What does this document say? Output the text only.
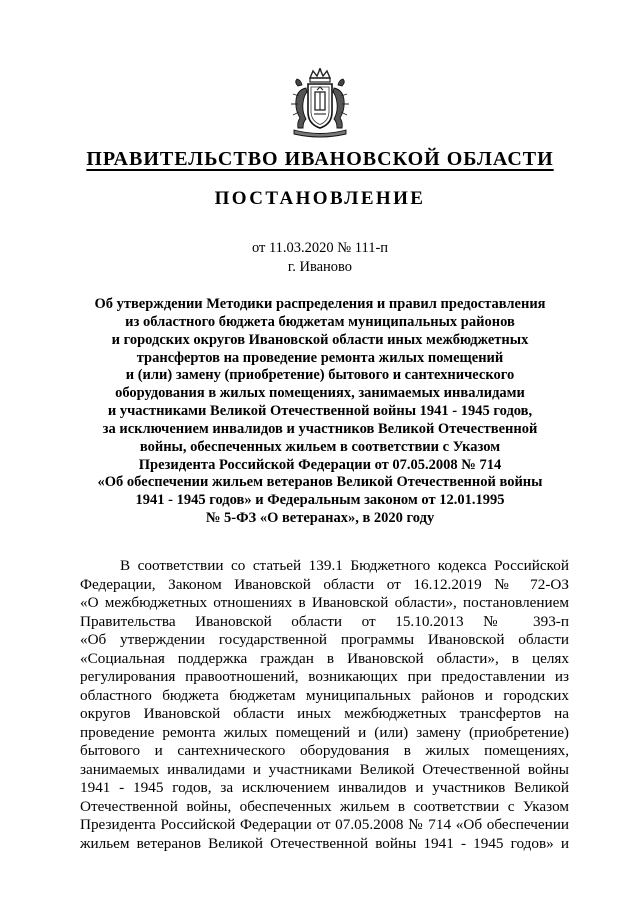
ПРАВИТЕЛЬСТВО ИВАНОВСКОЙ ОБЛАСТИ
ПОСТАНОВЛЕНИЕ
от 11.03.2020 № 111-п
г. Иваново
Об утверждении Методики распределения и правил предоставления
из областного бюджета бюджетам муниципальных районов
и городских округов Ивановской области иных межбюджетных
трансфертов на проведение ремонта жилых помещений
и (или) замену (приобретение) бытового и сантехнического
оборудования в жилых помещениях, занимаемых инвалидами
и участниками Великой Отечественной войны 1941 - 1945 годов,
за исключением инвалидов и участников Великой Отечественной
войны, обеспеченных жильем в соответствии с Указом
Президента Российской Федерации от 07.05.2008 № 714
«Об обеспечении жильем ветеранов Великой Отечественной войны
1941 - 1945 годов» и Федеральным законом от 12.01.1995
№ 5-ФЗ «О ветеранах», в 2020 году
В соответствии со статьей 139.1 Бюджетного кодекса Российской
Федерации, Законом Ивановской области от 16.12.2019 № 72-ОЗ
«О межбюджетных отношениях в Ивановской области», постановлением
Правительства Ивановской области от 15.10.2013 № 393-п
«Об утверждении государственной программы Ивановской области
«Социальная поддержка граждан в Ивановской области», в целях
регулирования правоотношений, возникающих при предоставлении из
областного бюджета бюджетам муниципальных районов и городских
округов Ивановской области иных межбюджетных трансфертов на
проведение ремонта жилых помещений и (или) замену (приобретение)
бытового и сантехнического оборудования в жилых помещениях,
занимаемых инвалидами и участниками Великой Отечественной войны
1941 - 1945 годов, за исключением инвалидов и участников Великой
Отечественной войны, обеспеченных жильем в соответствии с Указом
Президента Российской Федерации от 07.05.2008 № 714 «Об обеспечении
жильем ветеранов Великой Отечественной войны 1941 - 1945 годов» и
